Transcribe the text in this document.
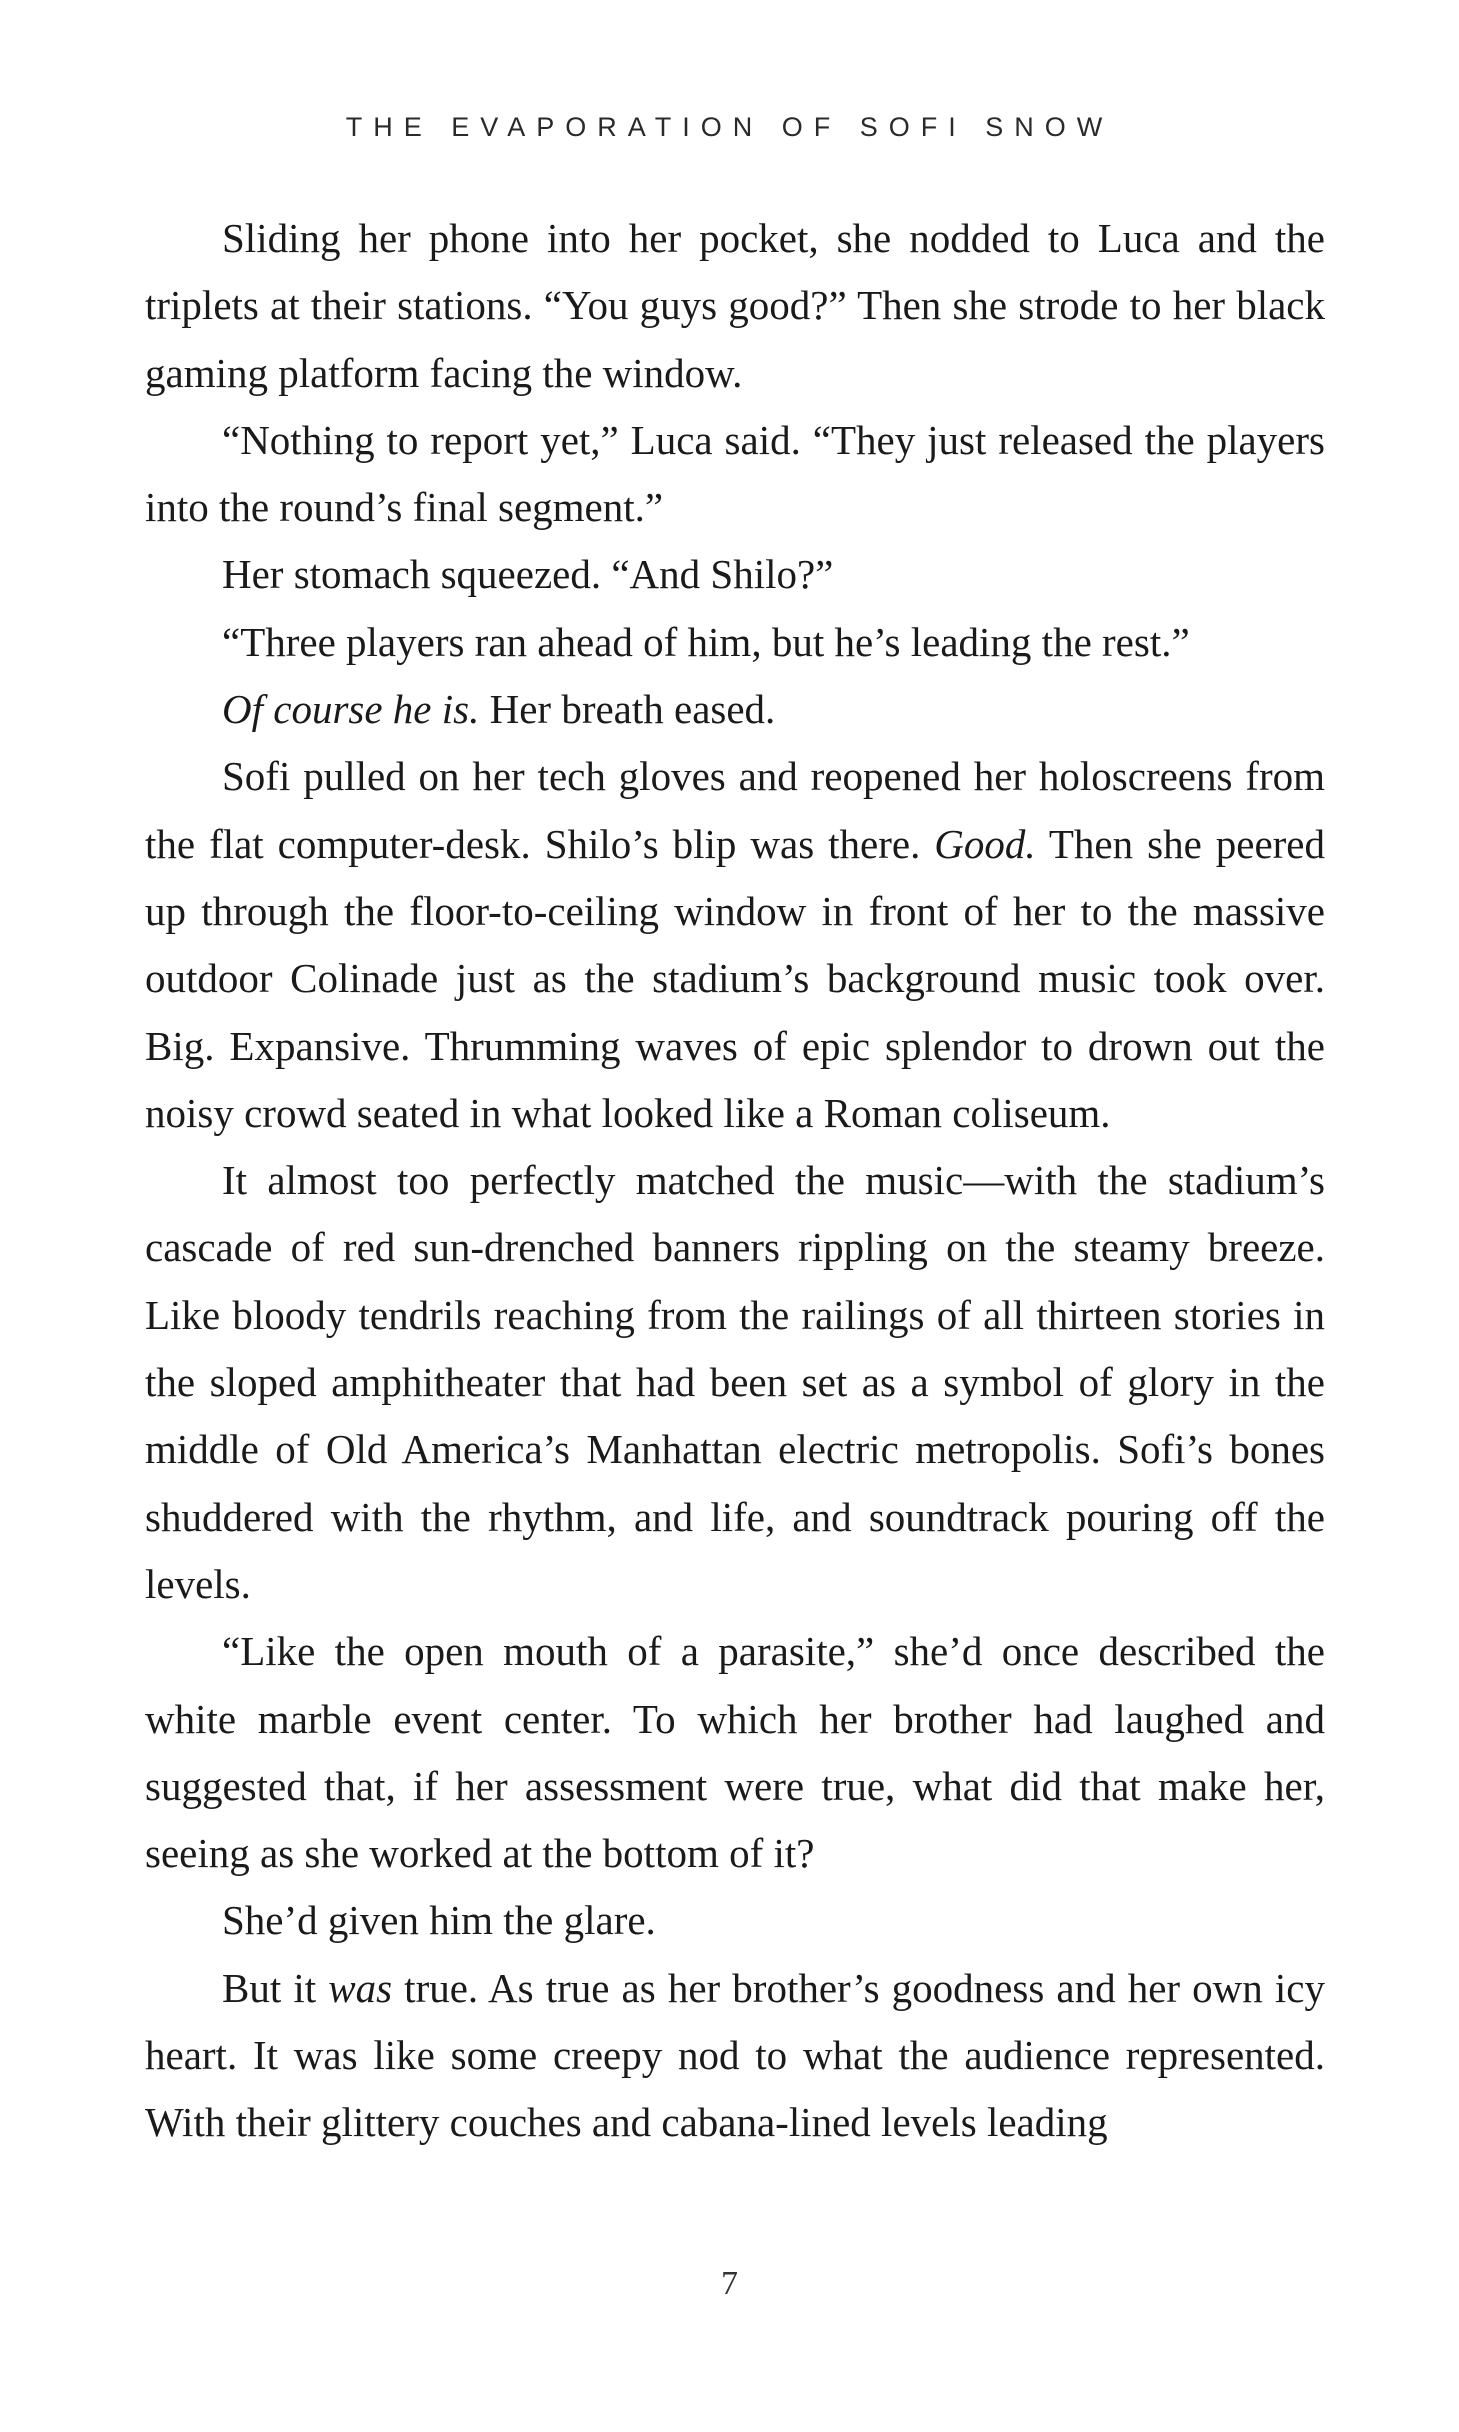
THE EVAPORATION OF SOFI SNOW

Sliding her phone into her pocket, she nodded to Luca and the triplets at their stations. “You guys good?” Then she strode to her black gaming platform facing the window.

“Nothing to report yet,” Luca said. “They just released the players into the round’s final segment.”

Her stomach squeezed. “And Shilo?”

“Three players ran ahead of him, but he’s leading the rest.”

Of course he is. Her breath eased.

Sofi pulled on her tech gloves and reopened her holoscreens from the flat computer-desk. Shilo’s blip was there. Good. Then she peered up through the floor-to-ceiling window in front of her to the massive outdoor Colinade just as the stadium’s background music took over. Big. Expansive. Thrumming waves of epic splendor to drown out the noisy crowd seated in what looked like a Roman coliseum.

It almost too perfectly matched the music—with the stadium’s cascade of red sun-drenched banners rippling on the steamy breeze. Like bloody tendrils reaching from the railings of all thirteen stories in the sloped amphitheater that had been set as a symbol of glory in the middle of Old America’s Manhattan electric metropolis. Sofi’s bones shuddered with the rhythm, and life, and soundtrack pouring off the levels.

“Like the open mouth of a parasite,” she’d once described the white marble event center. To which her brother had laughed and suggested that, if her assessment were true, what did that make her, seeing as she worked at the bottom of it?

She’d given him the glare.

But it was true. As true as her brother’s goodness and her own icy heart. It was like some creepy nod to what the audience represented. With their glittery couches and cabana-lined levels leading

7
